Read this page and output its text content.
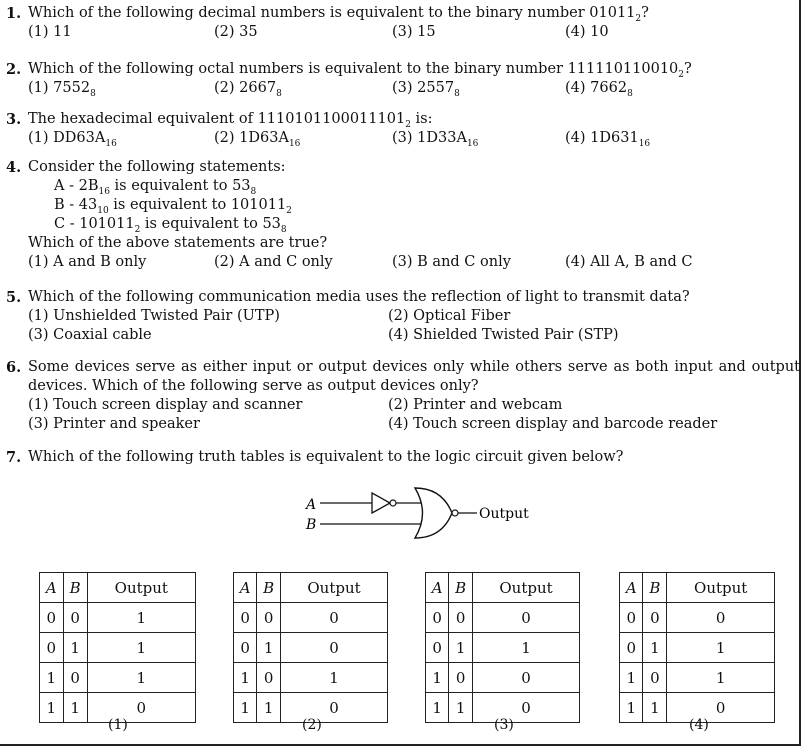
1. Which of the following decimal numbers is equivalent to the binary number $01011_2$?
(1) 11	(2) 35	(3) 15	(4) 10
2. Which of the following octal numbers is equivalent to the binary number $111110110010_2$?
(1) $7552_8$	(2) $2667_8$	(3) $2557_8$	(4) $7662_8$
3. The hexadecimal equivalent of $1110101100011101_2$ is:
(1) $DD63A_{16}$	(2) $1D63A_{16}$	(3) $1D33A_{16}$	(4) $1D631_{16}$
4. Consider the following statements:
A - $2B_{16}$ is equivalent to $53_8$
B - $43_{10}$ is equivalent to $101011_2$
C - $101011_2$ is equivalent to $53_8$
Which of the above statements are true?
(1) A and B only	(2) A and C only	(3) B and C only	(4) All A, B and C
5. Which of the following communication media uses the reflection of light to transmit data?
(1) Unshielded Twisted Pair (UTP)	(2) Optical Fiber
(3) Coaxial cable	(4) Shielded Twisted Pair (STP)
6. Some devices serve as either input or output devices only while others serve as both input and output devices. Which of the following serve as output devices only?
(1) Touch screen display and scanner	(2) Printer and webcam
(3) Printer and speaker	(4) Touch screen display and barcode reader
7. Which of the following truth tables is equivalent to the logic circuit given below?
A
B
Output
A	B	Output
0	0	1
0	1	1
1	0	1
1	1	0
(1)
A	B	Output
0	0	0
0	1	0
1	0	1
1	1	0
(2)
A	B	Output
0	0	0
0	1	1
1	0	0
1	1	0
(3)
A	B	Output
0	0	0
0	1	1
1	0	1
1	1	0
(4)
